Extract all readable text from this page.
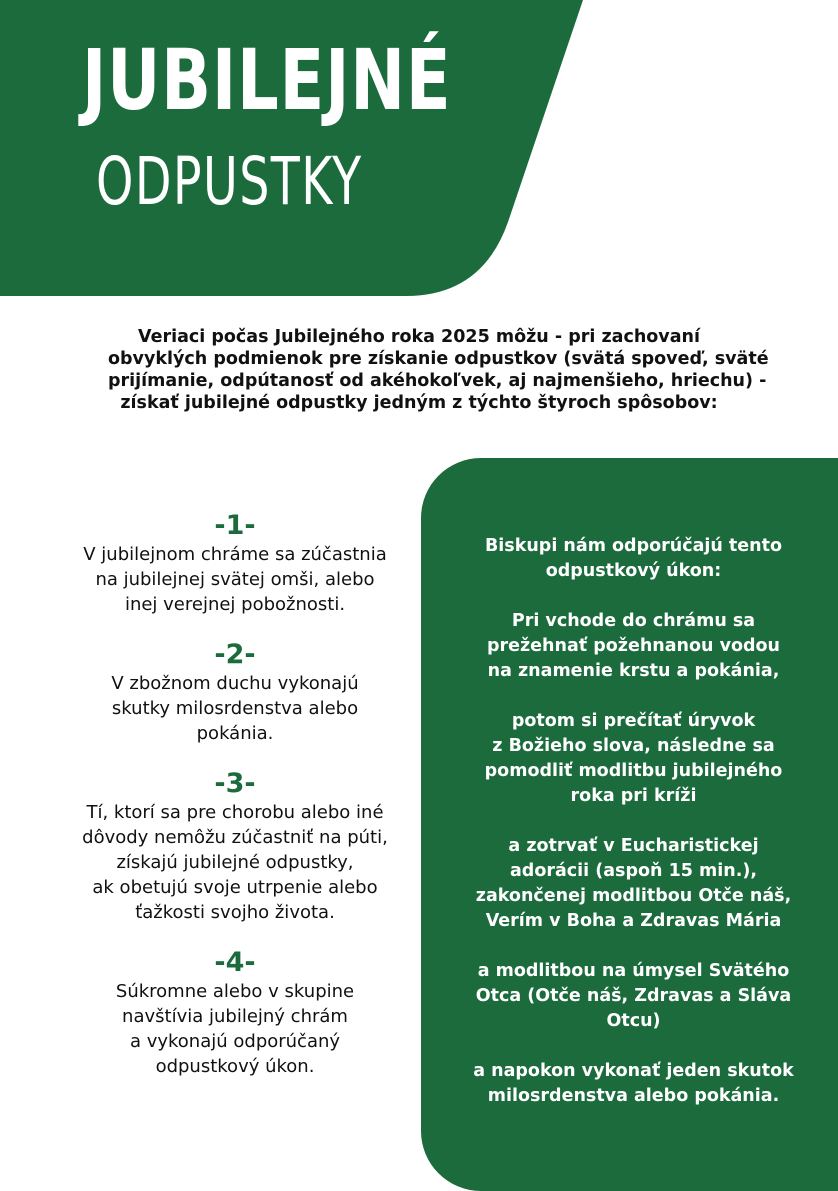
JUBILEJNÉ
ODPUSTKY
Veriaci počas Jubilejného roka 2025 môžu - pri zachovaní
obvyklých podmienok pre získanie odpustkov (svätá spoveď, sväté
prijímanie, odpútanosť od akéhokoľvek, aj najmenšieho, hriechu) -
získať jubilejné odpustky jedným z týchto štyroch spôsobov:
-1-
V jubilejnom chráme sa zúčastnia
na jubilejnej svätej omši, alebo
inej verejnej pobožnosti.
-2-
V zbožnom duchu vykonajú
skutky milosrdenstva alebo
pokánia.
-3-
Tí, ktorí sa pre chorobu alebo iné
dôvody nemôžu zúčastniť na púti,
získajú jubilejné odpustky,
ak obetujú svoje utrpenie alebo
ťažkosti svojho života.
-4-
Súkromne alebo v skupine
navštívia jubilejný chrám
a vykonajú odporúčaný
odpustkový úkon.

Biskupi nám odporúčajú tento
odpustkový úkon:

Pri vchode do chrámu sa
prežehnať požehnanou vodou
na znamenie krstu a pokánia,

potom si prečítať úryvok
z Božieho slova, následne sa
pomodliť modlitbu jubilejného
roka pri kríži

a zotrvať v Eucharistickej
adorácii (aspoň 15 min.),
zakončenej modlitbou Otče náš,
Verím v Boha a Zdravas Mária

a modlitbou na úmysel Svätého
Otca (Otče náš, Zdravas a Sláva
Otcu)

a napokon vykonať jeden skutok
milosrdenstva alebo pokánia.
